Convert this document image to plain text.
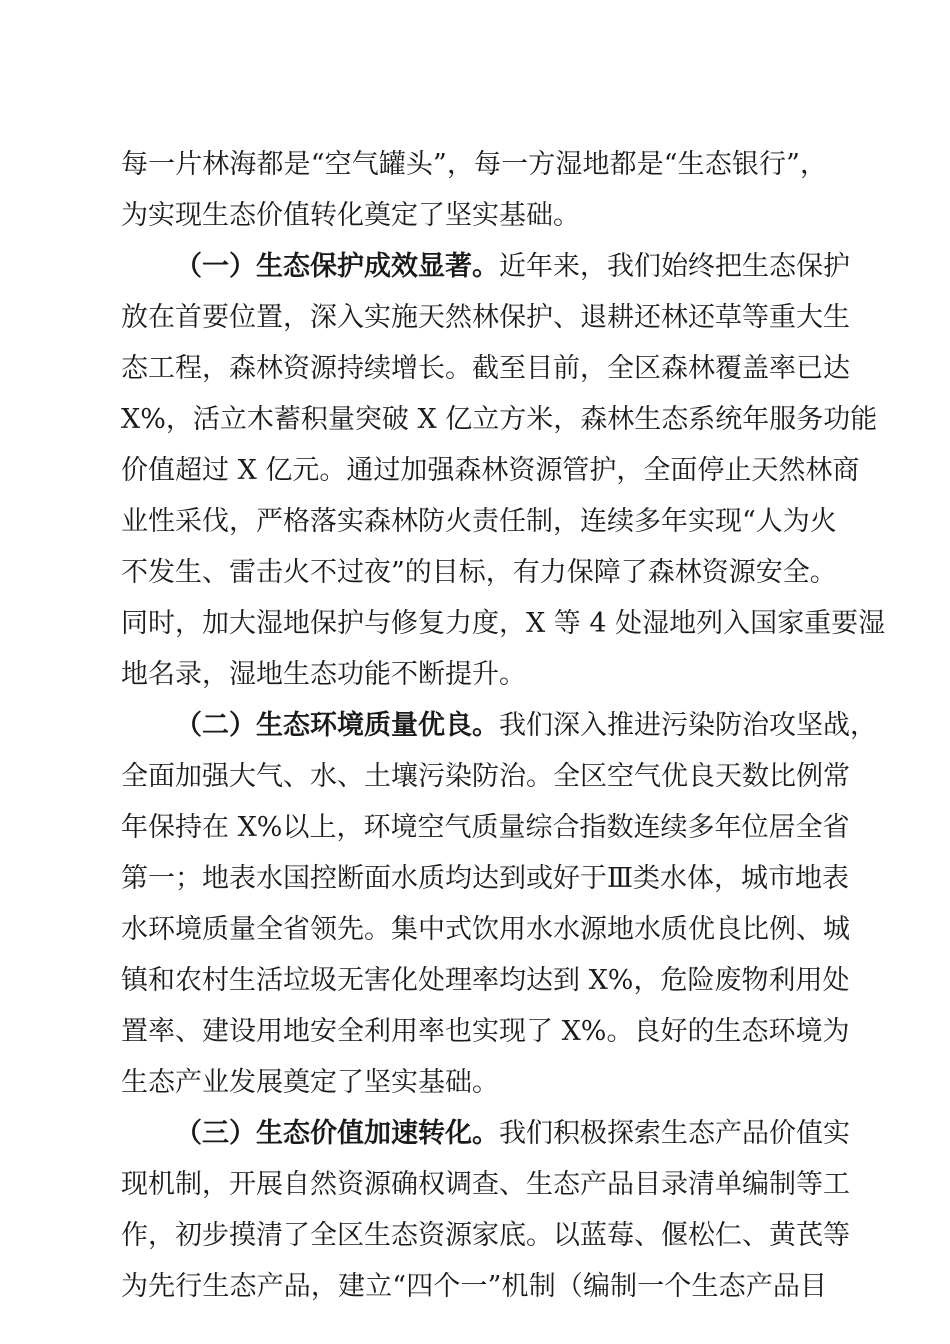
每一片林海都是“空气罐头”，每一方湿地都是“生态银行”，
为实现生态价值转化奠定了坚实基础。
（一）生态保护成效显著。近年来，我们始终把生态保护
放在首要位置，深入实施天然林保护、退耕还林还草等重大生
态工程，森林资源持续增长。截至目前，全区森林覆盖率已达
X%，活立木蓄积量突破 X 亿立方米，森林生态系统年服务功能
价值超过 X 亿元。通过加强森林资源管护，全面停止天然林商
业性采伐，严格落实森林防火责任制，连续多年实现“人为火
不发生、雷击火不过夜”的目标，有力保障了森林资源安全。
同时，加大湿地保护与修复力度，X 等 4 处湿地列入国家重要湿
地名录，湿地生态功能不断提升。
（二）生态环境质量优良。我们深入推进污染防治攻坚战，
全面加强大气、水、土壤污染防治。全区空气优良天数比例常
年保持在 X%以上，环境空气质量综合指数连续多年位居全省
第一；地表水国控断面水质均达到或好于Ⅲ类水体，城市地表
水环境质量全省领先。集中式饮用水水源地水质优良比例、城
镇和农村生活垃圾无害化处理率均达到 X%，危险废物利用处
置率、建设用地安全利用率也实现了 X%。良好的生态环境为
生态产业发展奠定了坚实基础。
（三）生态价值加速转化。我们积极探索生态产品价值实
现机制，开展自然资源确权调查、生态产品目录清单编制等工
作，初步摸清了全区生态资源家底。以蓝莓、偃松仁、黄芪等
为先行生态产品，建立“四个一”机制（编制一个生态产品目
